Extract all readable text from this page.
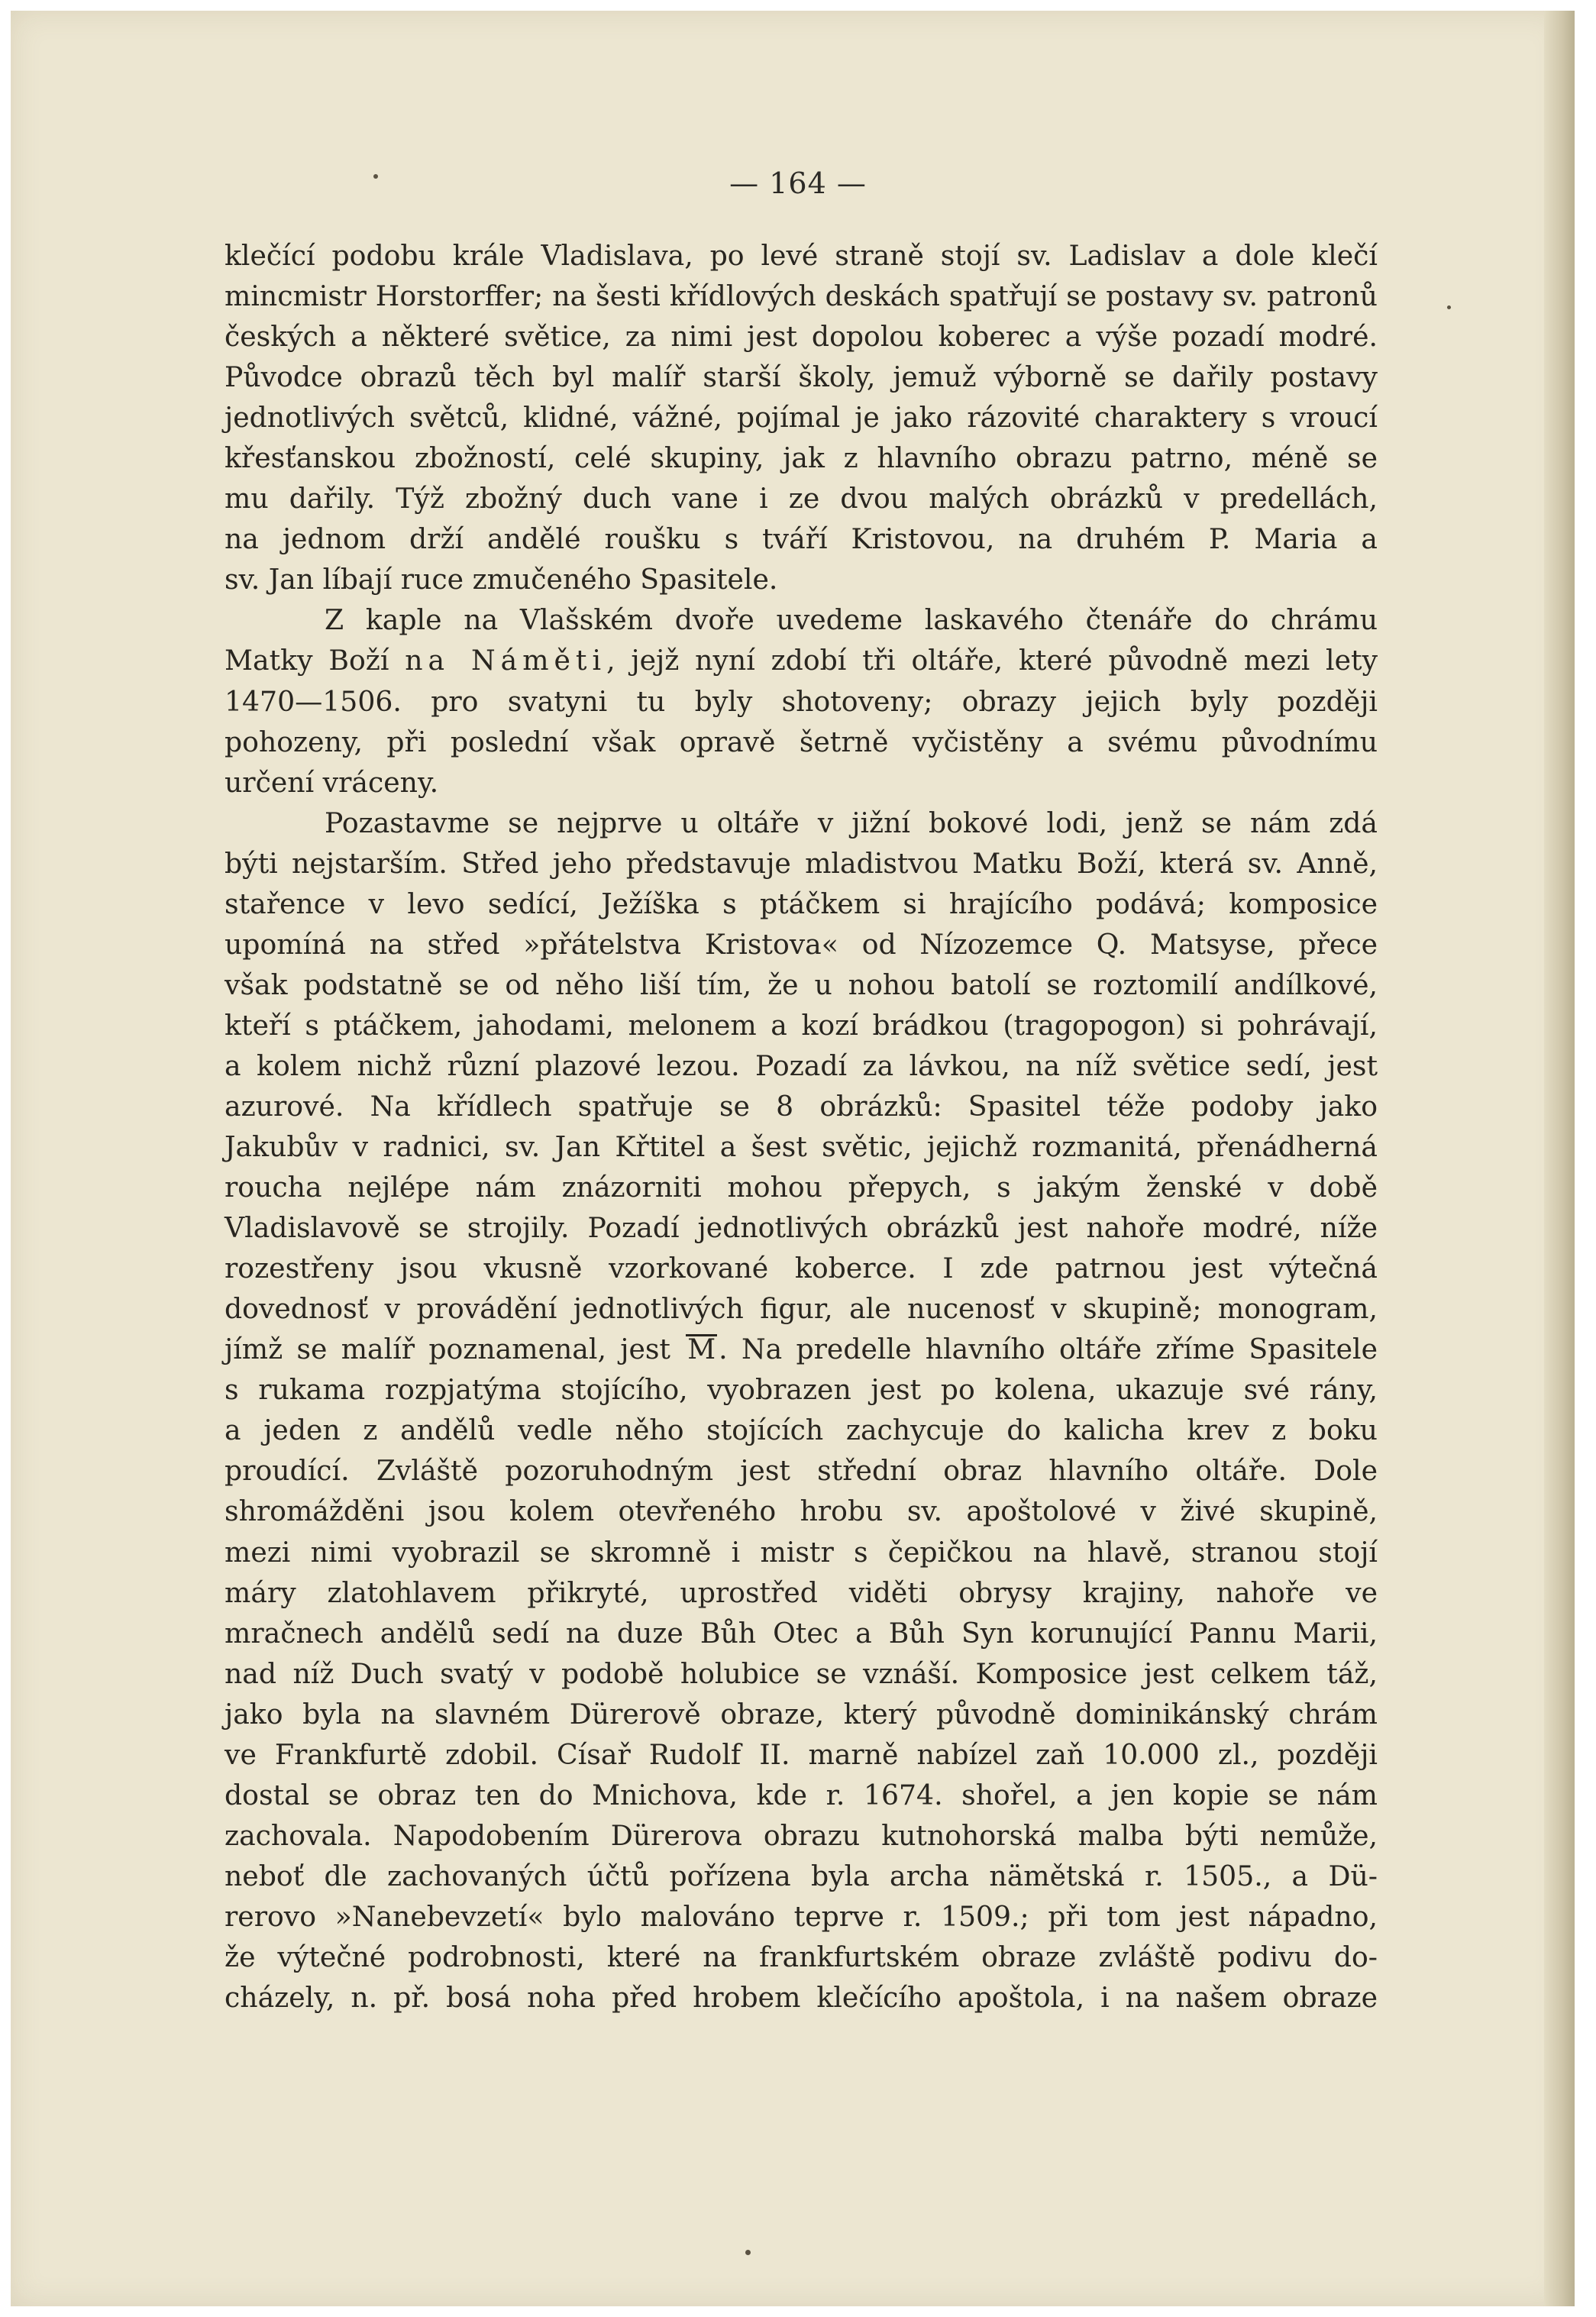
— 164 —
klečící podobu krále Vladislava, po levé straně stojí sv. Ladislav a dole klečí
mincmistr Horstorffer; na šesti křídlových deskách spatřují se postavy sv. patronů
českých a některé světice, za nimi jest dopolou koberec a výše pozadí modré.
Původce obrazů těch byl malíř starší školy, jemuž výborně se dařily postavy
jednotlivých světců, klidné, vážné, pojímal je jako rázovité charaktery s vroucí
křesťanskou zbožností, celé skupiny, jak z hlavního obrazu patrno, méně se
mu dařily. Týž zbožný duch vane i ze dvou malých obrázků v predellách,
na jednom drží andělé roušku s tváří Kristovou, na druhém P. Maria a
sv. Jan líbají ruce zmučeného Spasitele.
Z kaple na Vlašském dvoře uvedeme laskavého čtenáře do chrámu
Matky Boží na Náměti, jejž nyní zdobí tři oltáře, které původně mezi lety
1470—1506. pro svatyni tu byly shotoveny; obrazy jejich byly později
pohozeny, při poslední však opravě šetrně vyčistěny a svému původnímu
určení vráceny.
Pozastavme se nejprve u oltáře v jižní bokové lodi, jenž se nám zdá
býti nejstarším. Střed jeho představuje mladistvou Matku Boží, která sv. Anně,
stařence v levo sedící, Ježíška s ptáčkem si hrajícího podává; komposice
upomíná na střed »přátelstva Kristova« od Nízozemce Q. Matsyse, přece
však podstatně se od něho liší tím, že u nohou batolí se roztomilí andílkové,
kteří s ptáčkem, jahodami, melonem a kozí brádkou (tragopogon) si pohrávají,
a kolem nichž různí plazové lezou. Pozadí za lávkou, na níž světice sedí, jest
azurové. Na křídlech spatřuje se 8 obrázků: Spasitel téže podoby jako
Jakubův v radnici, sv. Jan Křtitel a šest světic, jejichž rozmanitá, přenádherná
roucha nejlépe nám znázorniti mohou přepych, s jakým ženské v době
Vladislavově se strojily. Pozadí jednotlivých obrázků jest nahoře modré, níže
rozestřeny jsou vkusně vzorkované koberce. I zde patrnou jest výtečná
dovednosť v provádění jednotlivých figur, ale nucenosť v skupině; monogram,
jímž se malíř poznamenal, jest M . Na predelle hlavního oltáře zříme Spasitele
s rukama rozpjatýma stojícího, vyobrazen jest po kolena, ukazuje své rány,
a jeden z andělů vedle něho stojících zachycuje do kalicha krev z boku
proudící. Zvláště pozoruhodným jest střední obraz hlavního oltáře. Dole
shromážděni jsou kolem otevřeného hrobu sv. apoštolové v živé skupině,
mezi nimi vyobrazil se skromně i mistr s čepičkou na hlavě, stranou stojí
máry zlatohlavem přikryté, uprostřed viděti obrysy krajiny, nahoře ve
mračnech andělů sedí na duze Bůh Otec a Bůh Syn korunující Pannu Marii,
nad níž Duch svatý v podobě holubice se vznáší. Komposice jest celkem táž,
jako byla na slavném Dürerově obraze, který původně dominikánský chrám
ve Frankfurtě zdobil. Císař Rudolf II. marně nabízel zaň 10.000 zl., později
dostal se obraz ten do Mnichova, kde r. 1674. shořel, a jen kopie se nám
zachovala. Napodobením Dürerova obrazu kutnohorská malba býti nemůže,
neboť dle zachovaných účtů pořízena byla archa nämětská r. 1505., a Dü-
rerovo »Nanebevzetí« bylo malováno teprve r. 1509.; při tom jest nápadno,
že výtečné podrobnosti, které na frankfurtském obraze zvláště podivu do-
cházely, n. př. bosá noha před hrobem klečícího apoštola, i na našem obraze
